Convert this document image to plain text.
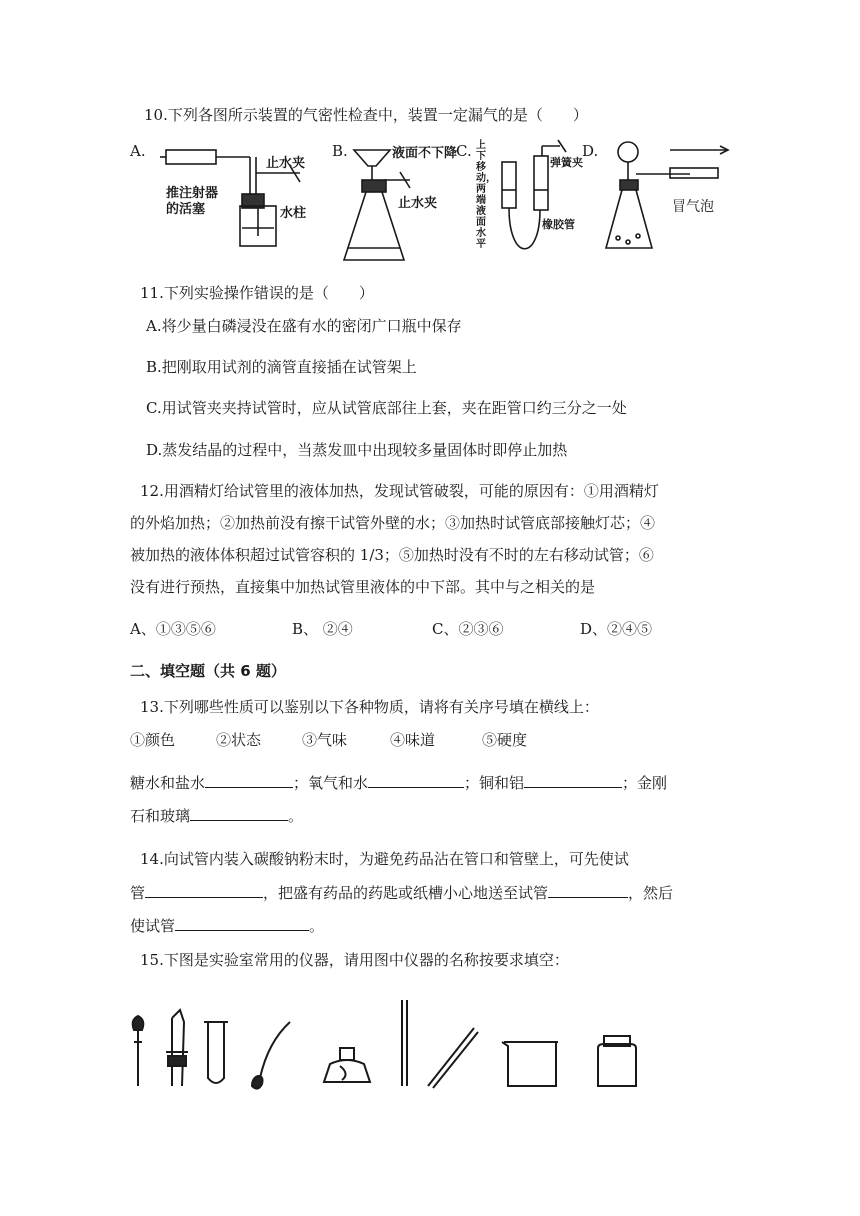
10.下列各图所示装置的气密性检查中，装置一定漏气的是（　　）
A.
推注射器
的活塞
止水夹
水柱
B.	液面不下降
止水夹
C. 上下移动，两端液面水平
弹簧夹
橡胶管
D.
冒气泡
11.下列实验操作错误的是（　　）
A.将少量白磷浸没在盛有水的密闭广口瓶中保存
B.把刚取用试剂的滴管直接插在试管架上
C.用试管夹夹持试管时，应从试管底部往上套，夹在距管口约三分之一处
D.蒸发结晶的过程中，当蒸发皿中出现较多量固体时即停止加热
12.用酒精灯给试管里的液体加热，发现试管破裂，可能的原因有：①用酒精灯
的外焰加热；②加热前没有擦干试管外壁的水；③加热时试管底部接触灯芯；④
被加热的液体体积超过试管容积的 1/3；⑤加热时没有不时的左右移动试管；⑥
没有进行预热，直接集中加热试管里液体的中下部。其中与之相关的是
A、①③⑤⑥	B、 ②④	C、②③⑥	D、②④⑤
二、填空题（共 6 题）
13.下列哪些性质可以鉴别以下各种物质，请将有关序号填在横线上：
①颜色	②状态	③气味	④味道	⑤硬度
糖水和盐水	；氧气和水	；铜和铝	；金刚
石和玻璃	。
14.向试管内装入碳酸钠粉末时，为避免药品沾在管口和管壁上，可先使试
管	，把盛有药品的药匙或纸槽小心地送至试管	，然后
使试管	。
15.下图是实验室常用的仪器，请用图中仪器的名称按要求填空：
